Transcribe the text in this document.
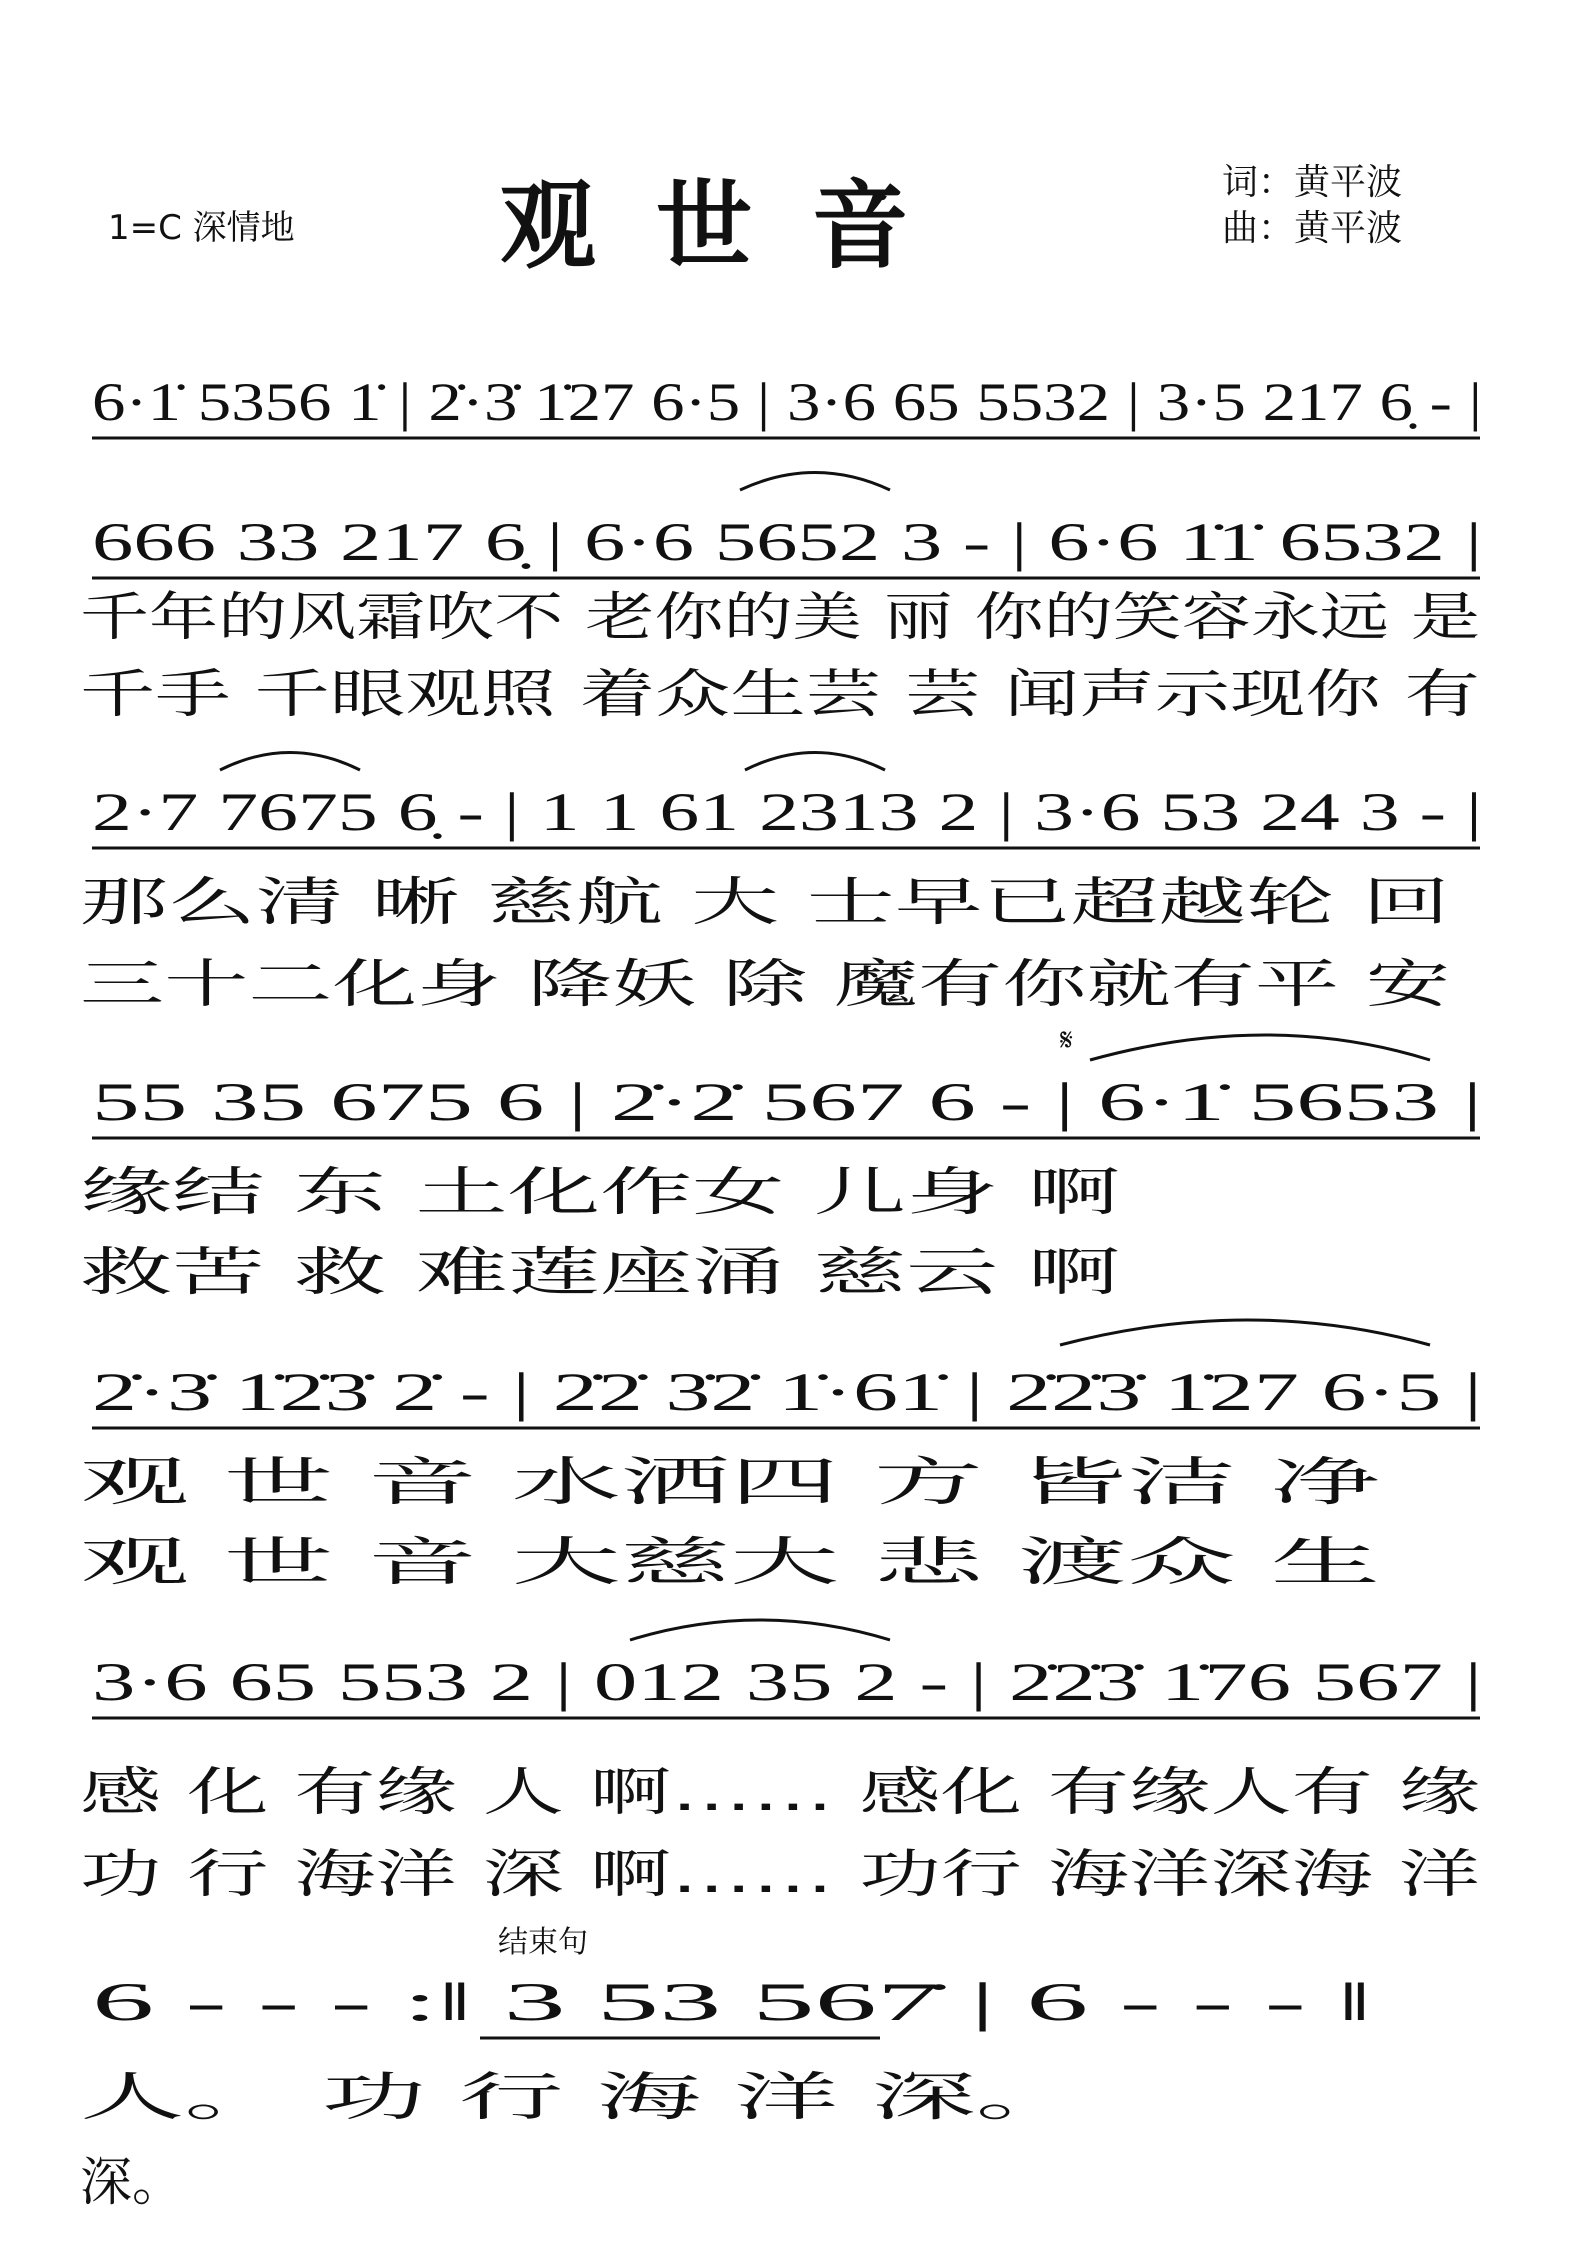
1=C 深情地 观世音	词：黄平波
曲：黄平波
6·1̇ 5356 1̇ | 2̇·3̇ 1̇27 6·5 | 3·6 65 5532 | 3·5 217 6̣ - |
666 33 217 6̣ | 6·6 5652 3 - | 6·6 1̇1̇ 6532 |
千年的风霜吹不 老你的美 丽 你的笑容永远 是
千手 千眼观照 着众生芸 芸 闻声示现你 有
2·7 7675 6̣ - | 1 1 61 2313 2 | 3·6 53 24 3 - |
那么清 晰 慈航 大 士早已超越轮 回
三十二化身 降妖 除 魔有你就有平 安
𝄋
55 35 675 6 | 2̇·2̇ 567 6 - | 6·1̇ 5653 |
缘结 东 土化作女 儿身 啊
救苦 救 难莲座涌 慈云 啊
2̇·3̇ 1̇2̇3̇ 2̇ - | 2̇2̇ 3̇2̇ 1̇·61̇ | 2̇2̇3̇ 1̇27 6·5 |
观 世 音 水洒四 方 皆洁 净
观 世 音 大慈大 悲 渡众 生
3·6 65 553 2 | 012 35 2 - | 2̇2̇3̇ 1̇76 567 |
感 化 有缘 人 啊…… 感化 有缘人有 缘
功 行 海洋 深 啊…… 功行 海洋深海 洋
结束句
6 - - - :‖ 3 53 567̇ | 6 - - - ‖
人。 功 行 海 洋 深。
深。
